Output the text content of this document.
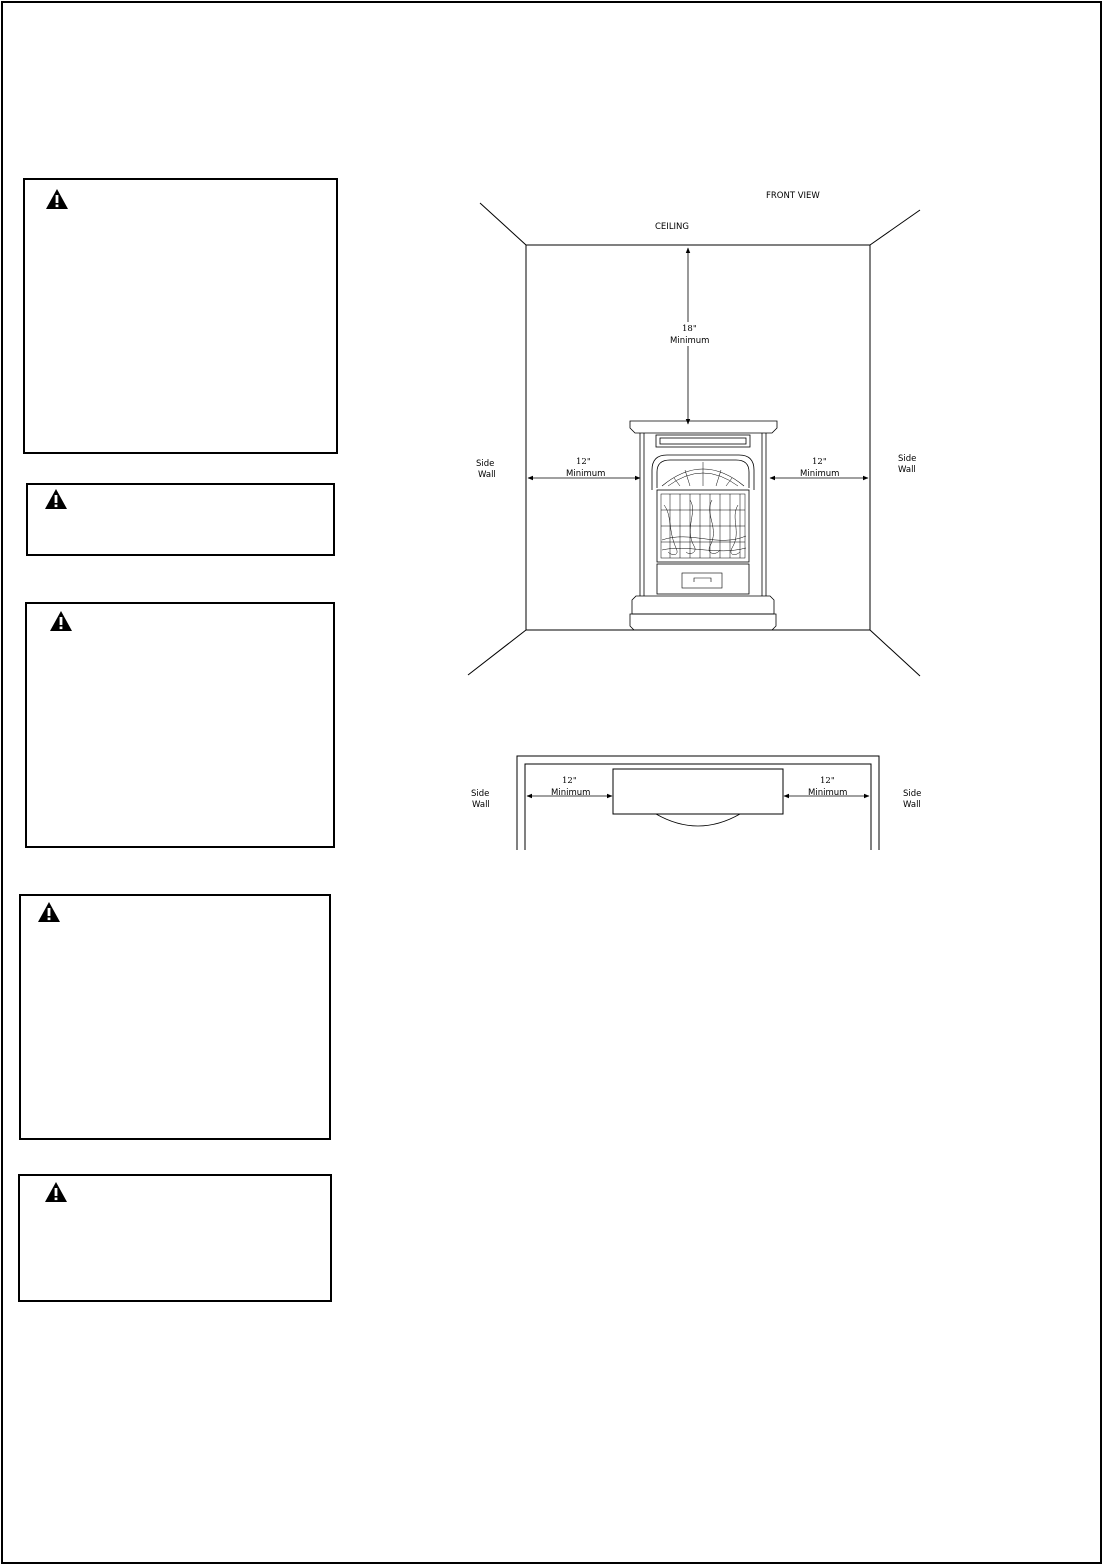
FRONT VIEW
CEILING
18"
Minimum
12"
Minimum
12"
Minimum
Side
Wall
Side
Wall
12"
Minimum
12"
Minimum
Side
Wall
Side
Wall
